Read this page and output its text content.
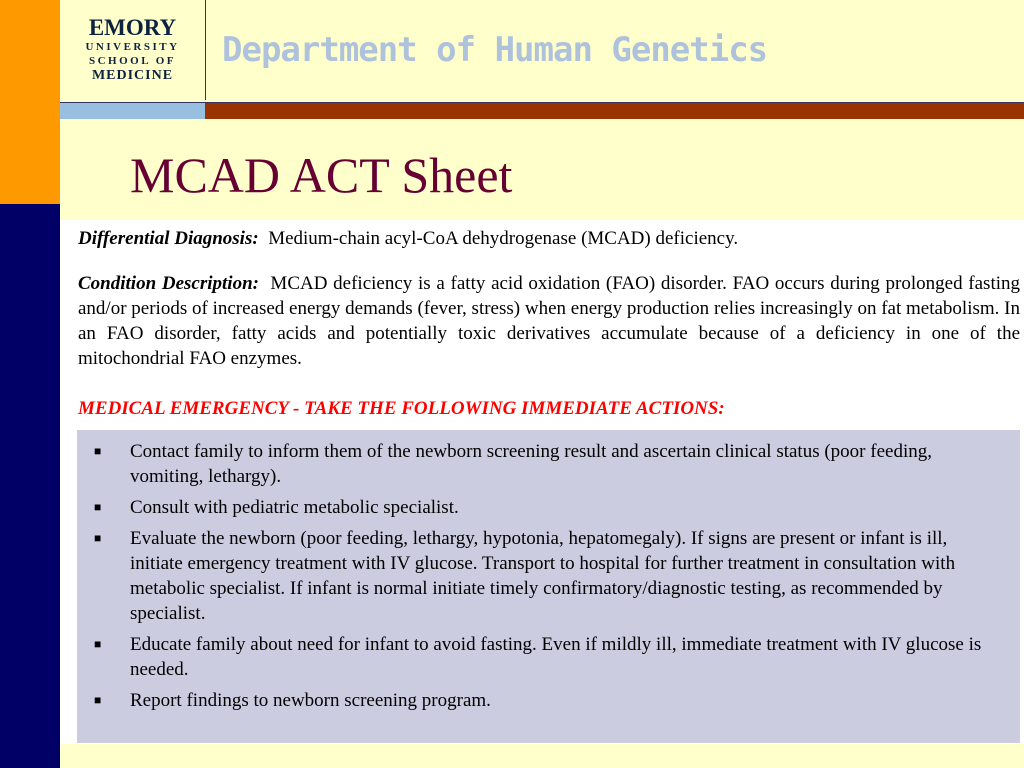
EMORY
UNIVERSITY
SCHOOL OF
MEDICINE
Department of Human Genetics
MCAD ACT Sheet
Differential Diagnosis: Medium-chain acyl-CoA dehydrogenase (MCAD) deficiency.
Condition Description: MCAD deficiency is a fatty acid oxidation (FAO) disorder. FAO occurs during prolonged fasting and/or periods of increased energy demands (fever, stress) when energy production relies increasingly on fat metabolism. In an FAO disorder, fatty acids and potentially toxic derivatives accumulate because of a deficiency in one of the mitochondrial FAO enzymes.
MEDICAL EMERGENCY - TAKE THE FOLLOWING IMMEDIATE ACTIONS:
■ Contact family to inform them of the newborn screening result and ascertain clinical status (poor feeding, vomiting, lethargy).
■ Consult with pediatric metabolic specialist.
■ Evaluate the newborn (poor feeding, lethargy, hypotonia, hepatomegaly). If signs are present or infant is ill, initiate emergency treatment with IV glucose. Transport to hospital for further treatment in consultation with metabolic specialist. If infant is normal initiate timely confirmatory/diagnostic testing, as recommended by specialist.
■ Educate family about need for infant to avoid fasting. Even if mildly ill, immediate treatment with IV glucose is needed.
■ Report findings to newborn screening program.
